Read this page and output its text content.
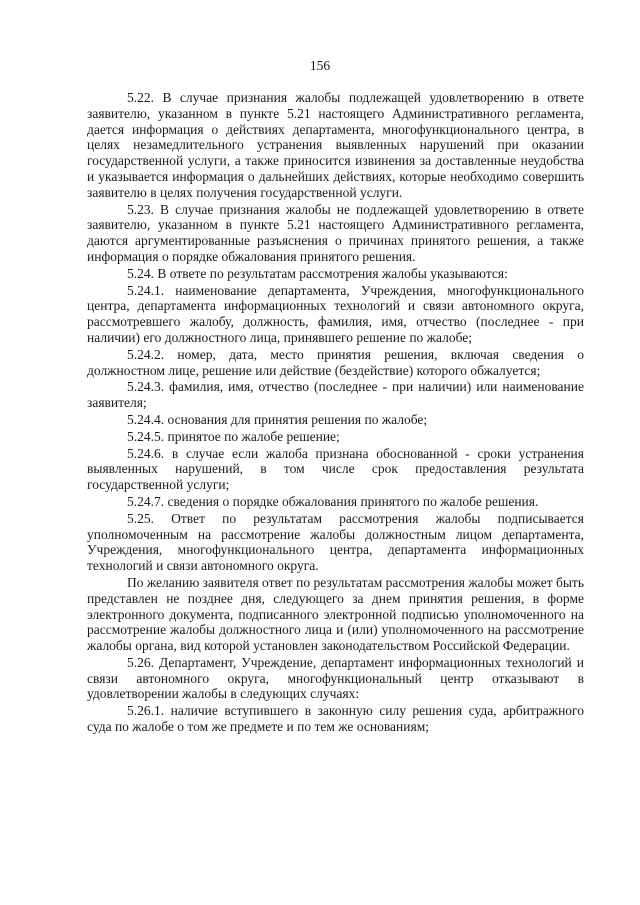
156

5.22. В случае признания жалобы подлежащей удовлетворению в ответе заявителю, указанном в пункте 5.21 настоящего Административного регламента, дается информация о действиях департамента, многофункционального центра, в целях незамедлительного устранения выявленных нарушений при оказании государственной услуги, а также приносится извинения за доставленные неудобства и указывается информация о дальнейших действиях, которые необходимо совершить заявителю в целях получения государственной услуги.

5.23. В случае признания жалобы не подлежащей удовлетворению в ответе заявителю, указанном в пункте 5.21 настоящего Административного регламента, даются аргументированные разъяснения о причинах принятого решения, а также информация о порядке обжалования принятого решения.

5.24. В ответе по результатам рассмотрения жалобы указываются:

5.24.1. наименование департамента, Учреждения, многофункционального центра, департамента информационных технологий и связи автономного округа, рассмотревшего жалобу, должность, фамилия, имя, отчество (последнее - при наличии) его должностного лица, принявшего решение по жалобе;

5.24.2. номер, дата, место принятия решения, включая сведения о должностном лице, решение или действие (бездействие) которого обжалуется;

5.24.3. фамилия, имя, отчество (последнее - при наличии) или наименование заявителя;

5.24.4. основания для принятия решения по жалобе;

5.24.5. принятое по жалобе решение;

5.24.6. в случае если жалоба признана обоснованной - сроки устранения выявленных нарушений, в том числе срок предоставления результата государственной услуги;

5.24.7. сведения о порядке обжалования принятого по жалобе решения.

5.25. Ответ по результатам рассмотрения жалобы подписывается уполномоченным на рассмотрение жалобы должностным лицом департамента, Учреждения, многофункционального центра, департамента информационных технологий и связи автономного округа.

По желанию заявителя ответ по результатам рассмотрения жалобы может быть представлен не позднее дня, следующего за днем принятия решения, в форме электронного документа, подписанного электронной подписью уполномоченного на рассмотрение жалобы должностного лица и (или) уполномоченного на рассмотрение жалобы органа, вид которой установлен законодательством Российской Федерации.

5.26. Департамент, Учреждение, департамент информационных технологий и связи автономного округа, многофункциональный центр отказывают в удовлетворении жалобы в следующих случаях:

5.26.1. наличие вступившего в законную силу решения суда, арбитражного суда по жалобе о том же предмете и по тем же основаниям;
